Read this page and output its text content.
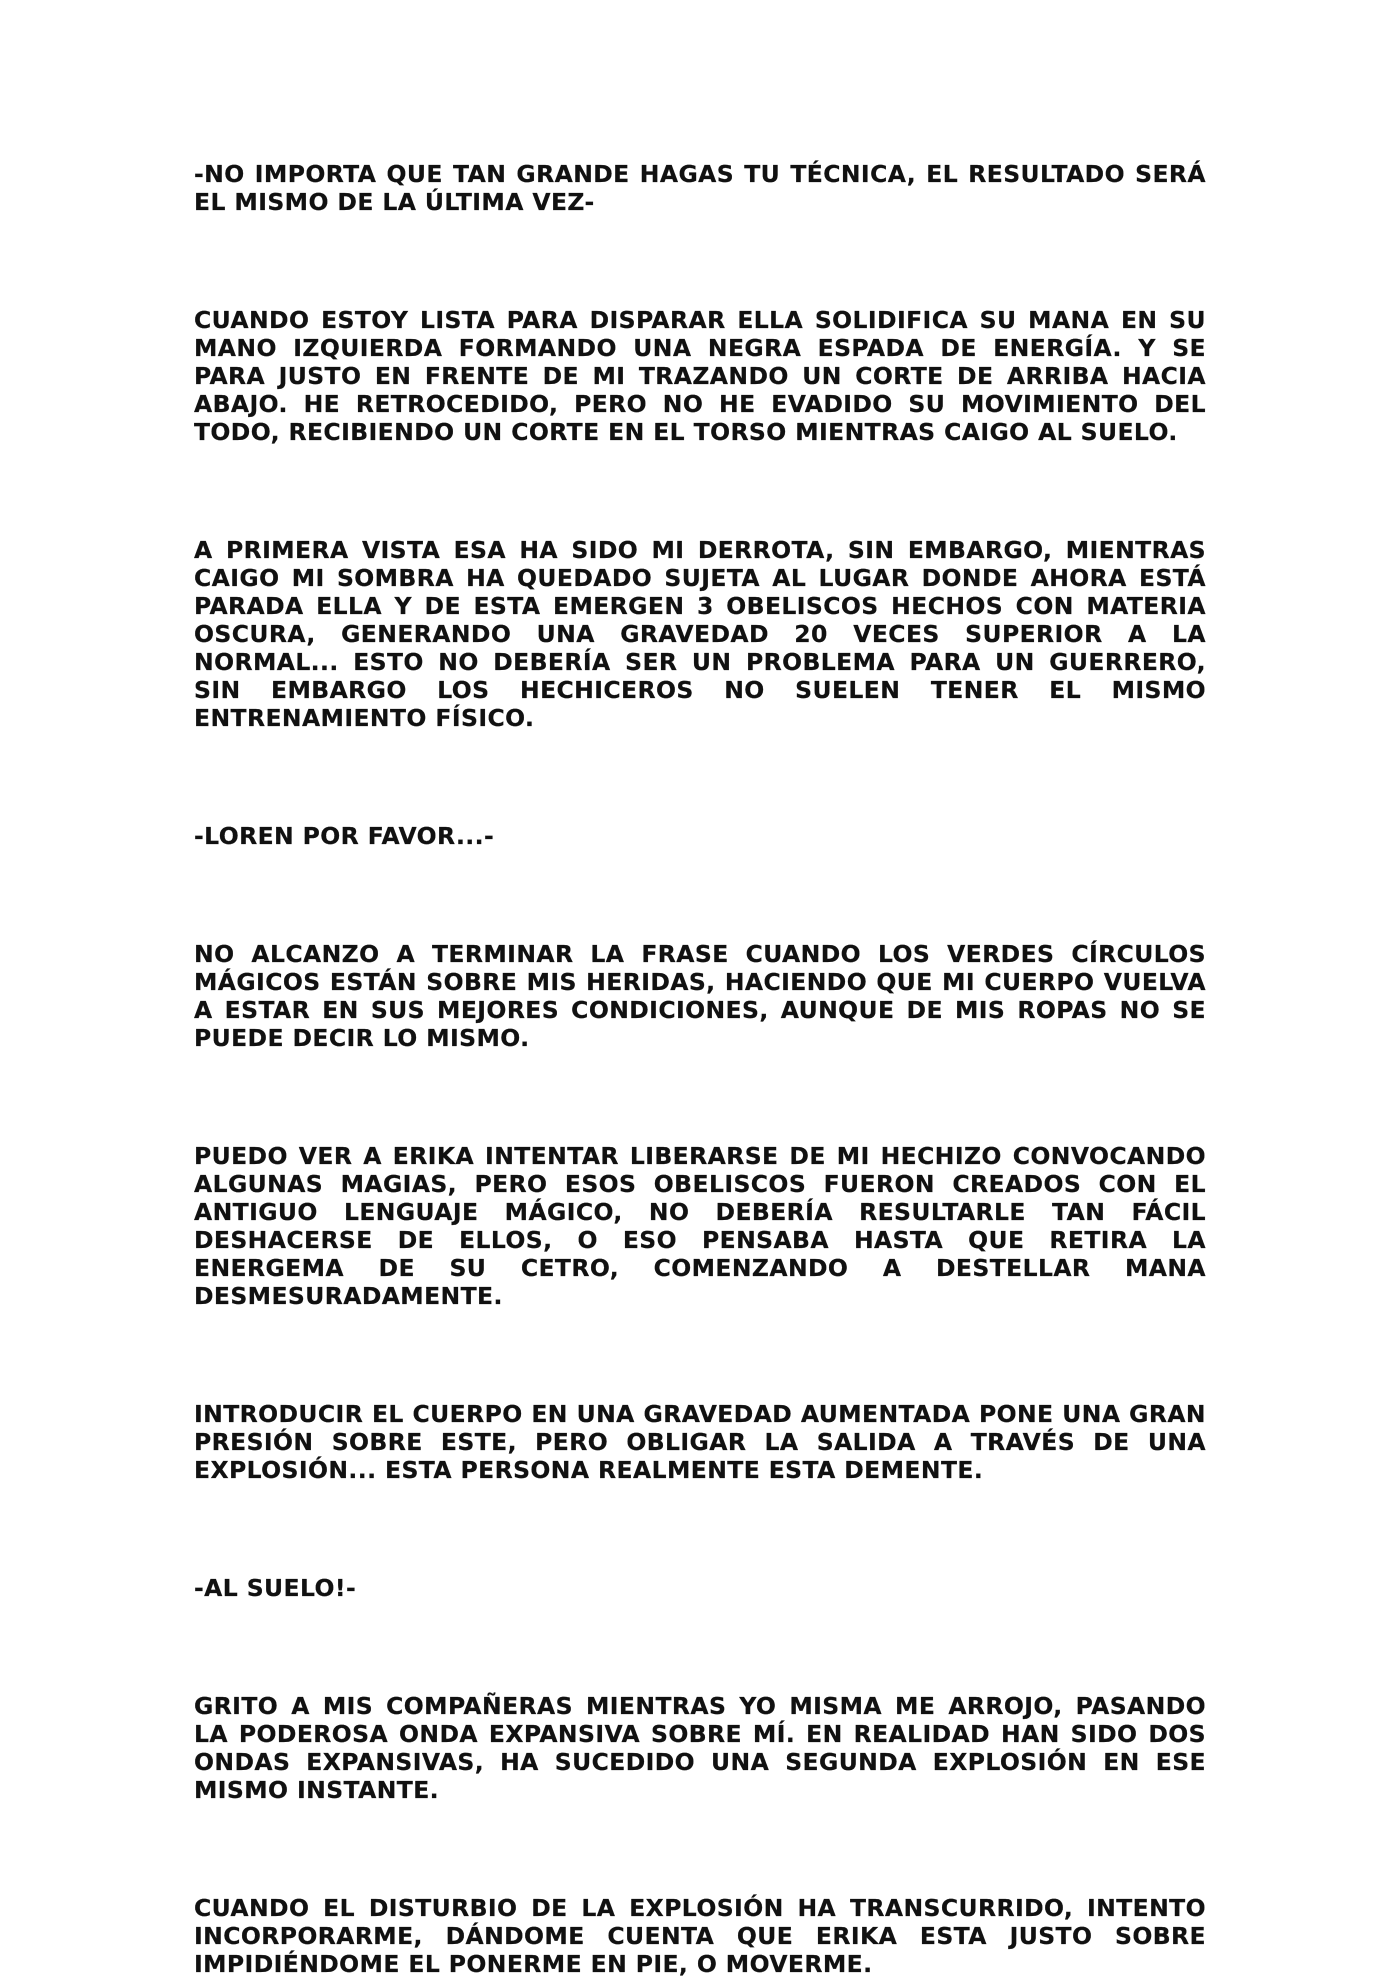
-NO IMPORTA QUE TAN GRANDE HAGAS TU TÉCNICA, EL RESULTADO SERÁ EL MISMO DE LA ÚLTIMA VEZ-

CUANDO ESTOY LISTA PARA DISPARAR ELLA SOLIDIFICA SU MANA EN SU MANO IZQUIERDA FORMANDO UNA NEGRA ESPADA DE ENERGÍA. Y SE PARA JUSTO EN FRENTE DE MI TRAZANDO UN CORTE DE ARRIBA HACIA ABAJO. HE RETROCEDIDO, PERO NO HE EVADIDO SU MOVIMIENTO DEL TODO, RECIBIENDO UN CORTE EN EL TORSO MIENTRAS CAIGO AL SUELO.

A PRIMERA VISTA ESA HA SIDO MI DERROTA, SIN EMBARGO, MIENTRAS CAIGO MI SOMBRA HA QUEDADO SUJETA AL LUGAR DONDE AHORA ESTÁ PARADA ELLA Y DE ESTA EMERGEN 3 OBELISCOS HECHOS CON MATERIA OSCURA, GENERANDO UNA GRAVEDAD 20 VECES SUPERIOR A LA NORMAL... ESTO NO DEBERÍA SER UN PROBLEMA PARA UN GUERRERO, SIN EMBARGO LOS HECHICEROS NO SUELEN TENER EL MISMO ENTRENAMIENTO FÍSICO.

-LOREN POR FAVOR...-

NO ALCANZO A TERMINAR LA FRASE CUANDO LOS VERDES CÍRCULOS MÁGICOS ESTÁN SOBRE MIS HERIDAS, HACIENDO QUE MI CUERPO VUELVA A ESTAR EN SUS MEJORES CONDICIONES, AUNQUE DE MIS ROPAS NO SE PUEDE DECIR LO MISMO.

PUEDO VER A ERIKA INTENTAR LIBERARSE DE MI HECHIZO CONVOCANDO ALGUNAS MAGIAS, PERO ESOS OBELISCOS FUERON CREADOS CON EL ANTIGUO LENGUAJE MÁGICO, NO DEBERÍA RESULTARLE TAN FÁCIL DESHACERSE DE ELLOS, O ESO PENSABA HASTA QUE RETIRA LA ENERGEMA DE SU CETRO, COMENZANDO A DESTELLAR MANA DESMESURADAMENTE.

INTRODUCIR EL CUERPO EN UNA GRAVEDAD AUMENTADA PONE UNA GRAN PRESIÓN SOBRE ESTE, PERO OBLIGAR LA SALIDA A TRAVÉS DE UNA EXPLOSIÓN... ESTA PERSONA REALMENTE ESTA DEMENTE.

-AL SUELO!-

GRITO A MIS COMPAÑERAS MIENTRAS YO MISMA ME ARROJO, PASANDO LA PODEROSA ONDA EXPANSIVA SOBRE MÍ. EN REALIDAD HAN SIDO DOS ONDAS EXPANSIVAS, HA SUCEDIDO UNA SEGUNDA EXPLOSIÓN EN ESE MISMO INSTANTE.

CUANDO EL DISTURBIO DE LA EXPLOSIÓN HA TRANSCURRIDO, INTENTO INCORPORARME, DÁNDOME CUENTA QUE ERIKA ESTA JUSTO SOBRE IMPIDIÉNDOME EL PONERME EN PIE, O MOVERME.
